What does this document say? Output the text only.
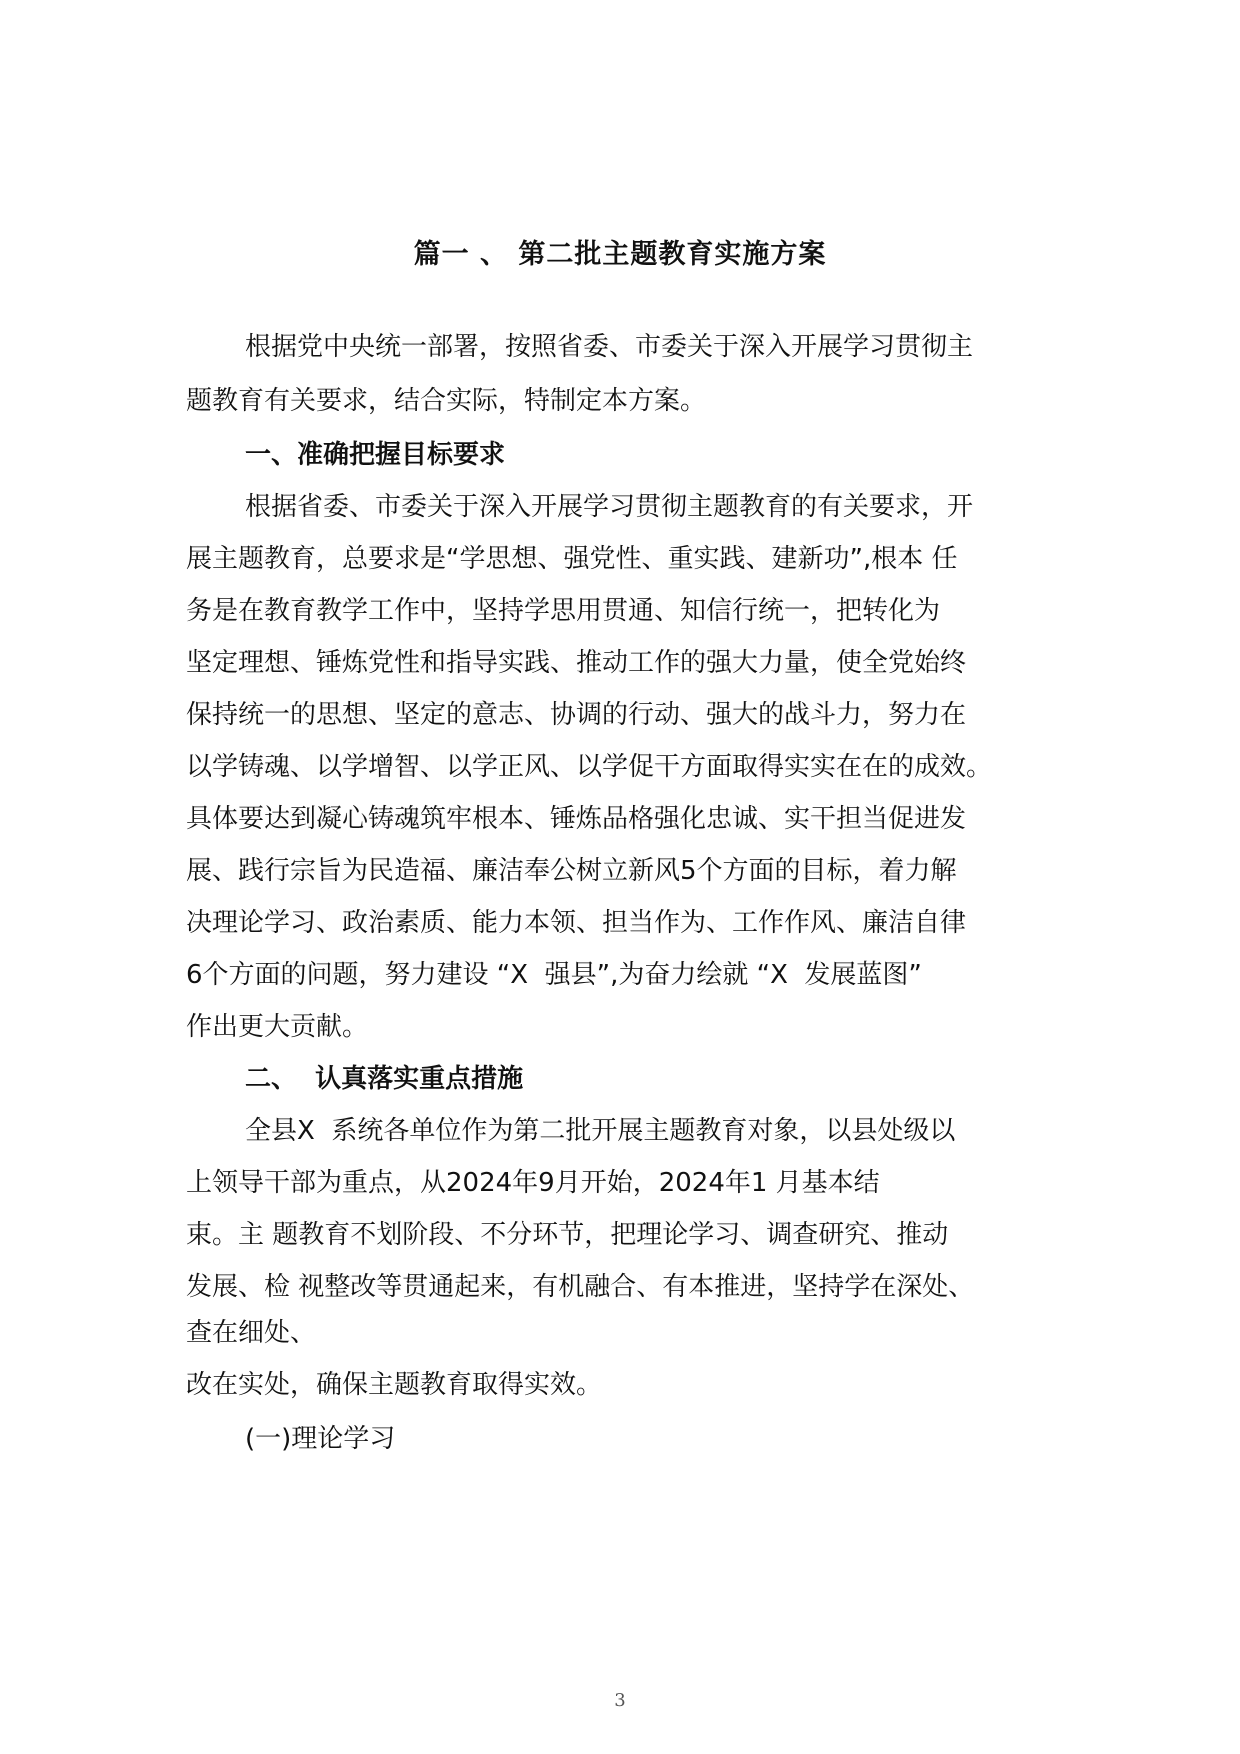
篇一 、 第二批主题教育实施方案
根据党中央统一部署，按照省委、市委关于深入开展学习贯彻主
题教育有关要求，结合实际，特制定本方案。
一、准确把握目标要求
根据省委、市委关于深入开展学习贯彻主题教育的有关要求，开
展主题教育，总要求是“学思想、强党性、重实践、建新功”,根本 任
务是在教育教学工作中，坚持学思用贯通、知信行统一，把转化为
坚定理想、锤炼党性和指导实践、推动工作的强大力量，使全党始终
保持统一的思想、坚定的意志、协调的行动、强大的战斗力，努力在
以学铸魂、以学增智、以学正风、以学促干方面取得实实在在的成效。
具体要达到凝心铸魂筑牢根本、锤炼品格强化忠诚、实干担当促进发
展、践行宗旨为民造福、廉洁奉公树立新风5个方面的目标，着力解
决理论学习、政治素质、能力本领、担当作为、工作作风、廉洁自律
6个方面的问题，努力建设 “X  强县”,为奋力绘就 “X  发展蓝图”
作出更大贡献。
二、  认真落实重点措施
全县X  系统各单位作为第二批开展主题教育对象，以县处级以
上领导干部为重点，从2024年9月开始，2024年1 月基本结
束。主 题教育不划阶段、不分环节，把理论学习、调查研究、推动
发展、检 视整改等贯通起来，有机融合、有本推进，坚持学在深处、
查在细处、
改在实处，确保主题教育取得实效。
(一)理论学习
3
